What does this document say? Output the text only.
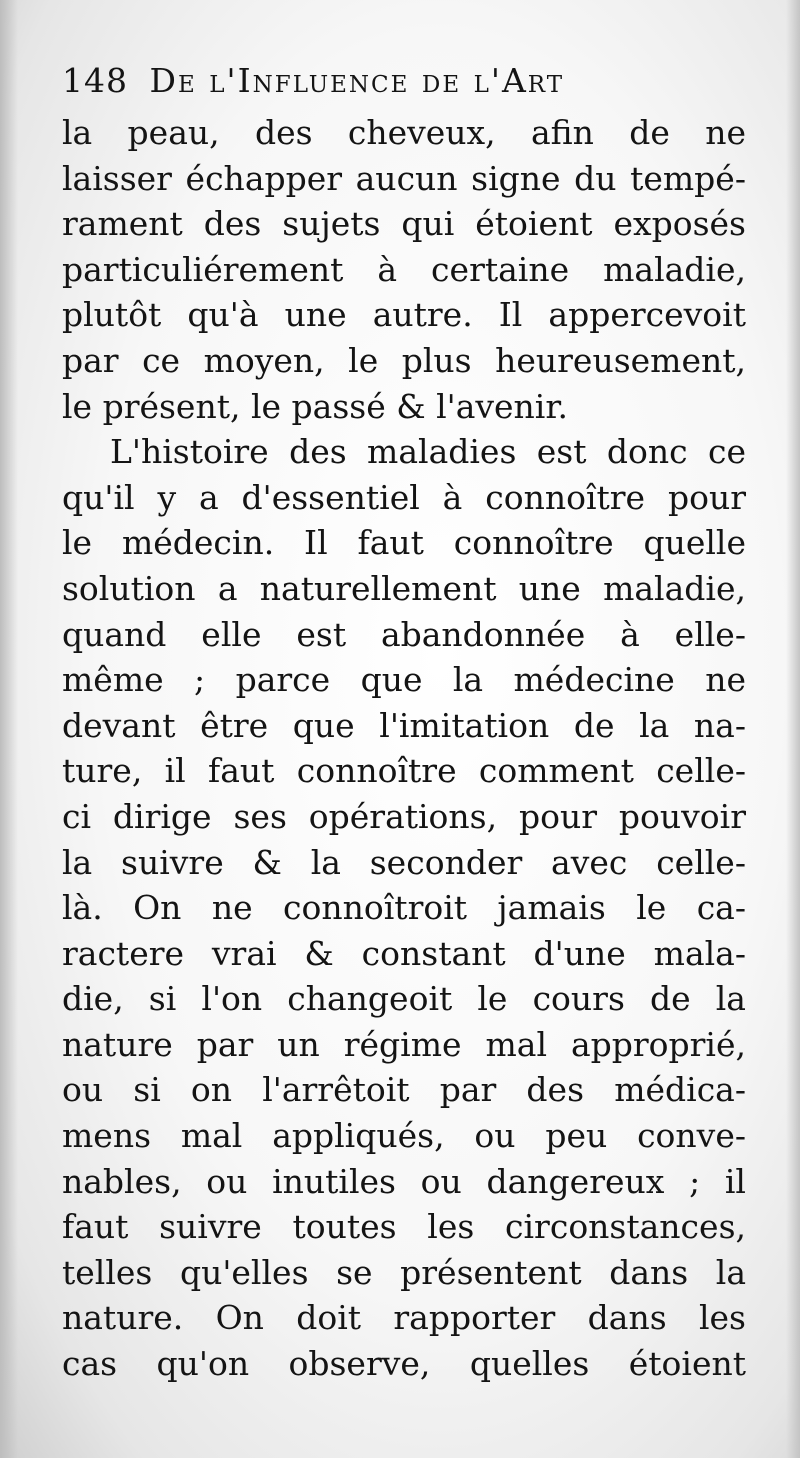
148 De l'Influence de l'Art
la peau, des cheveux, afin de ne
laisser échapper aucun signe du tempé-
rament des sujets qui étoient exposés
particuliérement à certaine maladie,
plutôt qu'à une autre. Il appercevoit
par ce moyen, le plus heureusement,
le présent, le passé & l'avenir.
L'histoire des maladies est donc ce
qu'il y a d'essentiel à connoître pour
le médecin. Il faut connoître quelle
solution a naturellement une maladie,
quand elle est abandonnée à elle-
même ; parce que la médecine ne
devant être que l'imitation de la na-
ture, il faut connoître comment celle-
ci dirige ses opérations, pour pouvoir
la suivre & la seconder avec celle-
là. On ne connoîtroit jamais le ca-
ractere vrai & constant d'une mala-
die, si l'on changeoit le cours de la
nature par un régime mal approprié,
ou si on l'arrêtoit par des médica-
mens mal appliqués, ou peu conve-
nables, ou inutiles ou dangereux ; il
faut suivre toutes les circonstances,
telles qu'elles se présentent dans la
nature. On doit rapporter dans les
cas qu'on observe, quelles étoient
